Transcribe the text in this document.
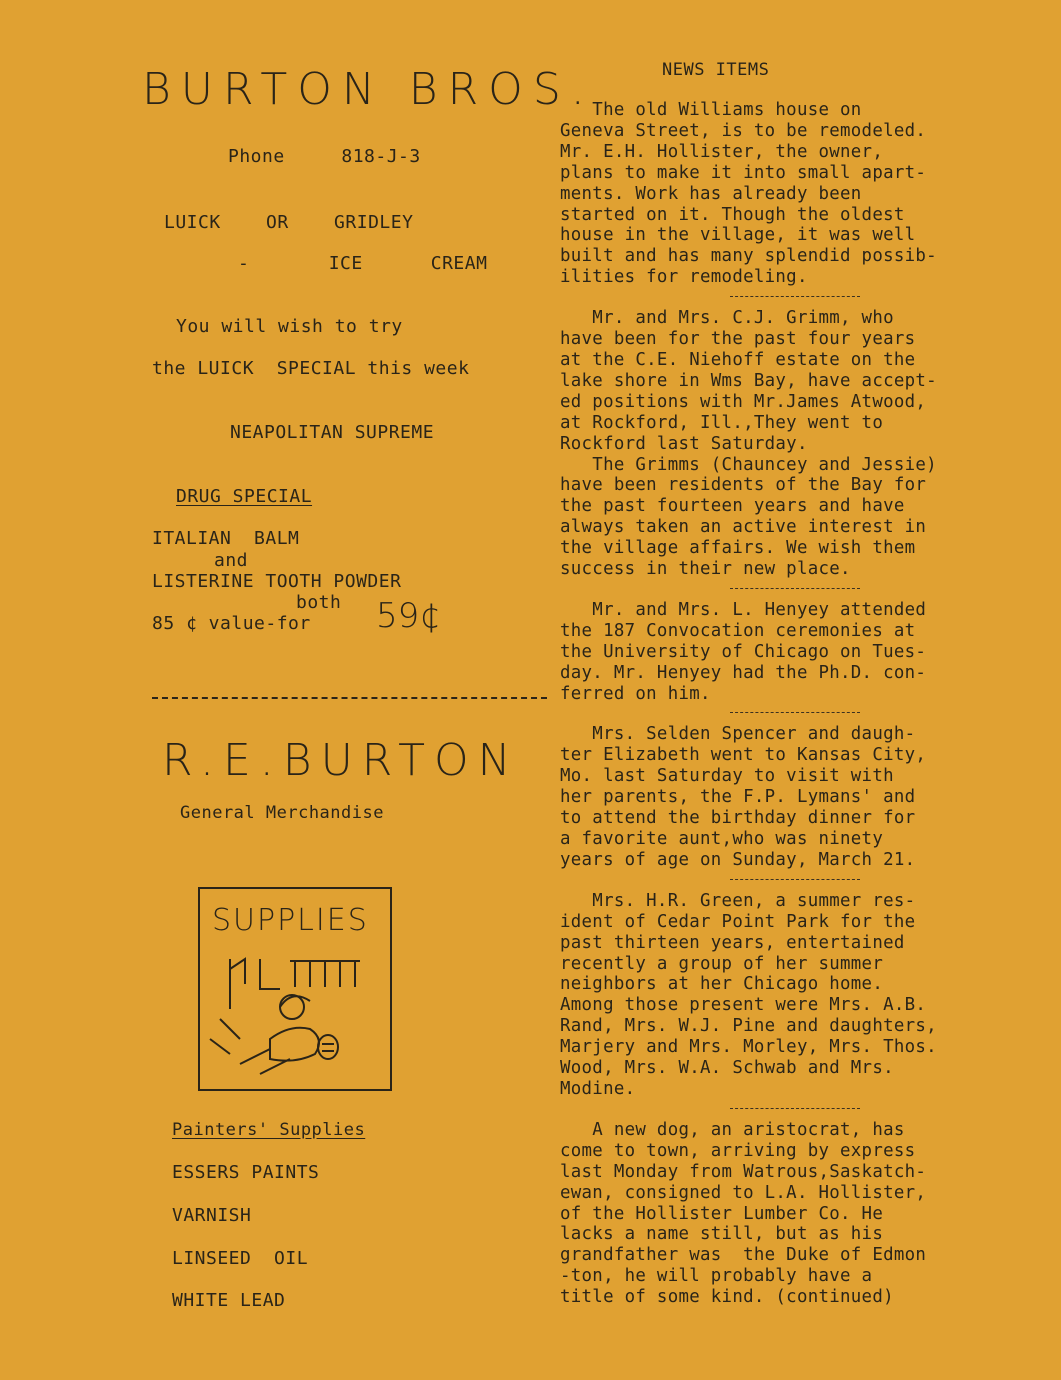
BURTON BROS.
Phone     818-J-3
LUICK    OR    GRIDLEY
-       ICE      CREAM
You will wish to try
the LUICK  SPECIAL this week
NEAPOLITAN SUPREME
DRUG SPECIAL
ITALIAN  BALM
and
LISTERINE TOOTH POWDER
both
85 ¢ value-for 59¢
R.E.BURTON
General Merchandise
SUPPLIES
Painters' Supplies
ESSERS PAINTS
VARNISH
LINSEED  OIL
WHITE LEAD
NEWS ITEMS

The old Williams house on

Geneva Street, is to be remodeled.

Mr. E.H. Hollister, the owner,

plans to make it into small apart-

ments. Work has already been

started on it. Though the oldest

house in the village, it was well

built and has many splendid possib-

ilities for remodeling.

Mr. and Mrs. C.J. Grimm, who

have been for the past four years

at the C.E. Niehoff estate on the

lake shore in Wms Bay, have accept-

ed positions with Mr.James Atwood,

at Rockford, Ill.,They went to

Rockford last Saturday.

The Grimms (Chauncey and Jessie)

have been residents of the Bay for

the past fourteen years and have

always taken an active interest in

the village affairs. We wish them

success in their new place.

Mr. and Mrs. L. Henyey attended

the 187 Convocation ceremonies at

the University of Chicago on Tues-

day. Mr. Henyey had the Ph.D. con-

ferred on him.

Mrs. Selden Spencer and daugh-

ter Elizabeth went to Kansas City,

Mo. last Saturday to visit with

her parents, the F.P. Lymans' and

to attend the birthday dinner for

a favorite aunt,who was ninety

years of age on Sunday, March 21.

Mrs. H.R. Green, a summer res-

ident of Cedar Point Park for the

past thirteen years, entertained

recently a group of her summer

neighbors at her Chicago home.

Among those present were Mrs. A.B.

Rand, Mrs. W.J. Pine and daughters,

Marjery and Mrs. Morley, Mrs. Thos.

Wood, Mrs. W.A. Schwab and Mrs.

Modine.

A new dog, an aristocrat, has

come to town, arriving by express

last Monday from Watrous,Saskatch-

ewan, consigned to L.A. Hollister,

of the Hollister Lumber Co. He

lacks a name still, but as his

grandfather was  the Duke of Edmon

-ton, he will probably have a

title of some kind. (continued)
